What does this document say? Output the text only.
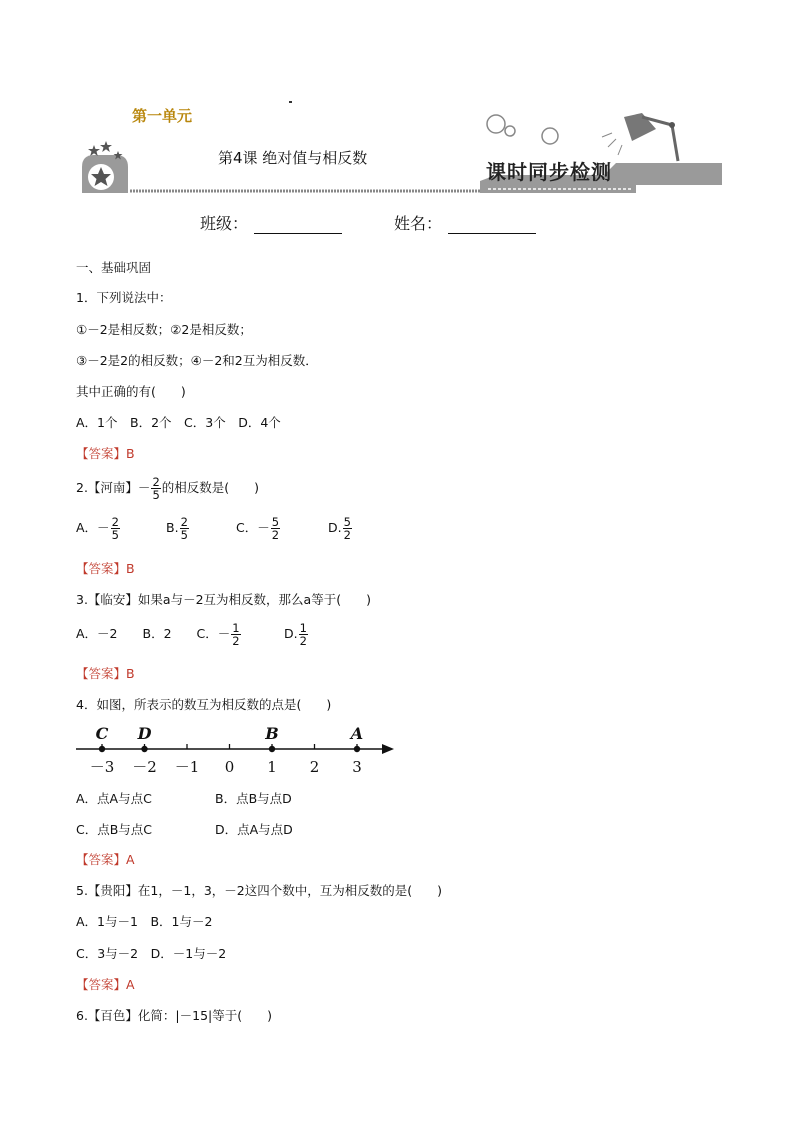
第一单元
第4课 绝对值与相反数
课时同步检测
班级：	姓名：
一、基础巩固
1．下列说法中：
①－2是相反数；②2是相反数；
③－2是2的相反数；④－2和2互为相反数．
其中正确的有(　　)
A．1个　B．2个　C．3个　D．4个
【答案】B
2.【河南】－ $\frac{2}{5}$ 的相反数是(　　)
A．－ $\frac{2}{5}$	B. $\frac{2}{5}$	C．－ $\frac{5}{2}$	D. $\frac{5}{2}$
【答案】B
3.【临安】如果a与－2互为相反数，那么a等于(　　)
A．－2　　B．2　　C．－ $\frac{1}{2}$	D. $\frac{1}{2}$
【答案】B
4．如图，所表示的数互为相反数的点是(　　)
－3 －2 －1 0 1 2 3
C D	B	A
A．点A与点C	B．点B与点D
C．点B与点C	D．点A与点D
【答案】A
5.【贵阳】在1，－1，3，－2这四个数中，互为相反数的是(　　)
A．1与－1　B．1与－2
C．3与－2　D．－1与－2
【答案】A
6.【百色】化简：|－15|等于(　　)
